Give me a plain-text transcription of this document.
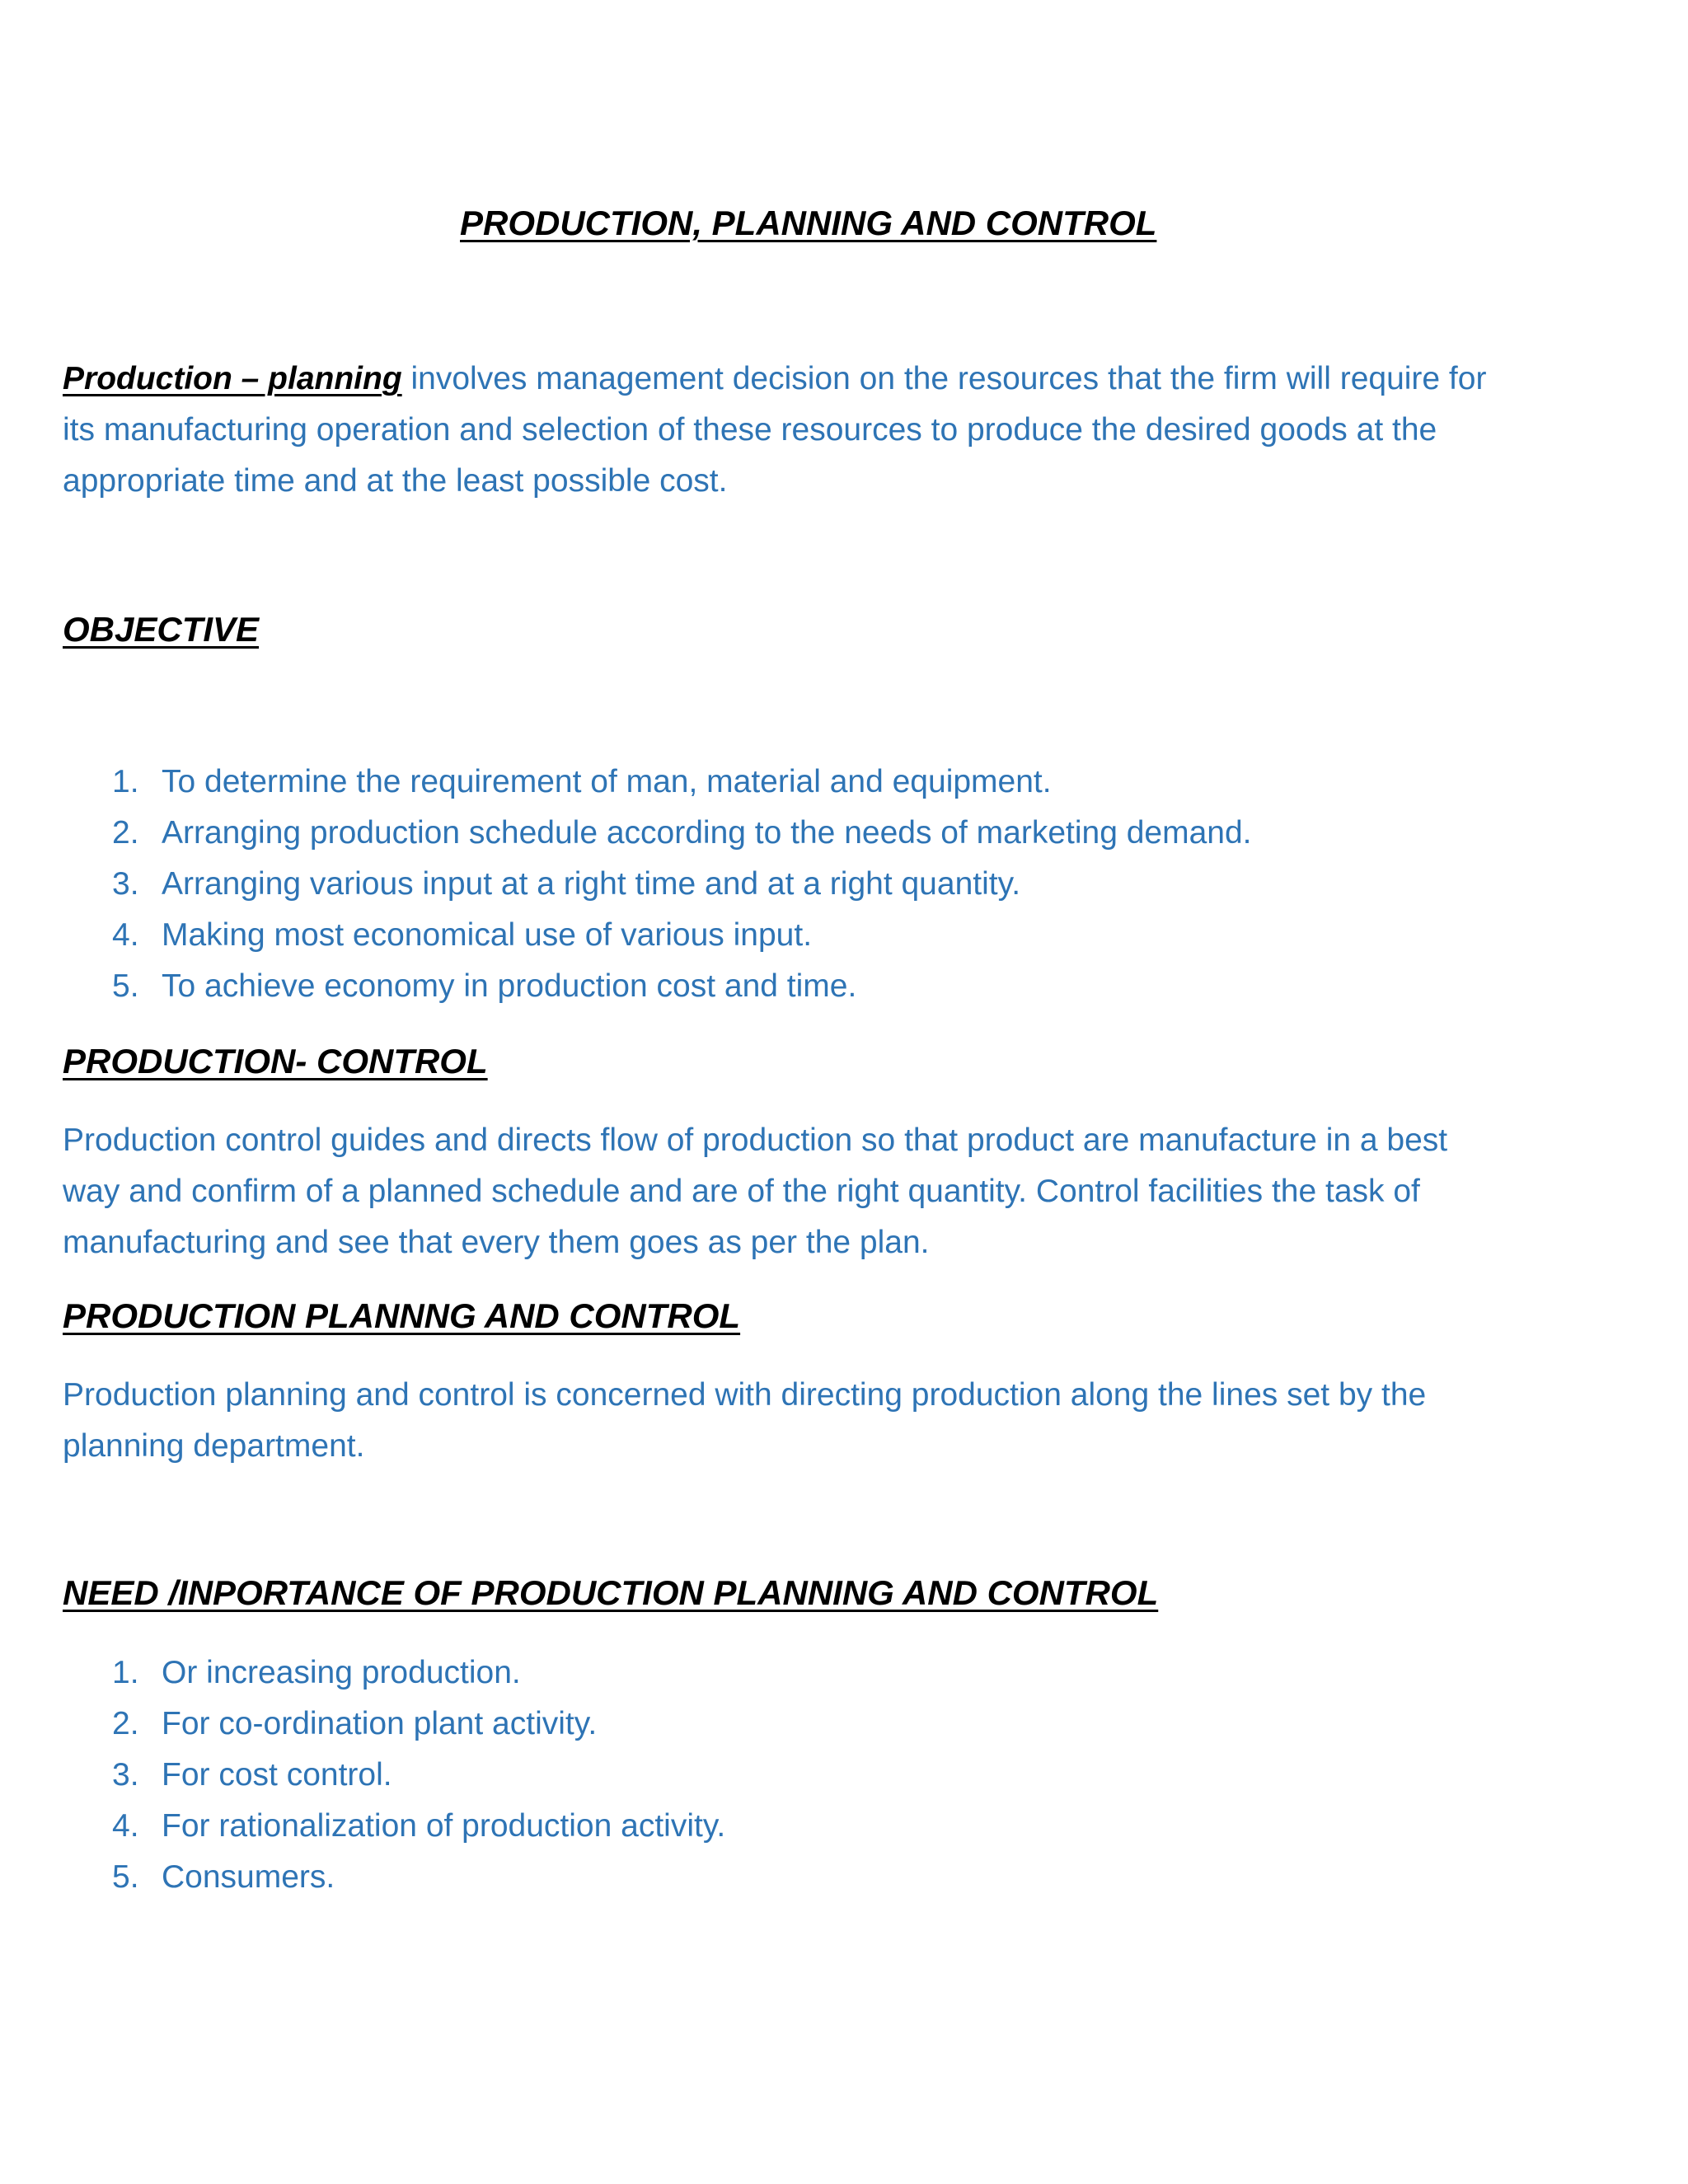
PRODUCTION, PLANNING AND CONTROL

Production – planning involves management decision on the resources that the firm will require for its manufacturing operation and selection of these resources to produce the desired goods at the appropriate time and at the least possible cost.

OBJECTIVE
1. To determine the requirement of man, material and equipment.
2. Arranging production schedule according to the needs of marketing demand.
3. Arranging various input at a right time and at a right quantity.
4. Making most economical use of various input.
5. To achieve economy in production cost and time.
PRODUCTION- CONTROL

Production control guides and directs flow of production so that product are manufacture in a best way and confirm of a planned schedule and are of the right quantity. Control facilities the task of manufacturing and see that every them goes as per the plan.

PRODUCTION PLANNNG AND CONTROL

Production planning and control is concerned with directing production along the lines set by the planning department.

NEED /INPORTANCE OF PRODUCTION PLANNING AND CONTROL
1. Or increasing production.
2. For co-ordination plant activity.
3. For cost control.
4. For rationalization of production activity.
5. Consumers.
